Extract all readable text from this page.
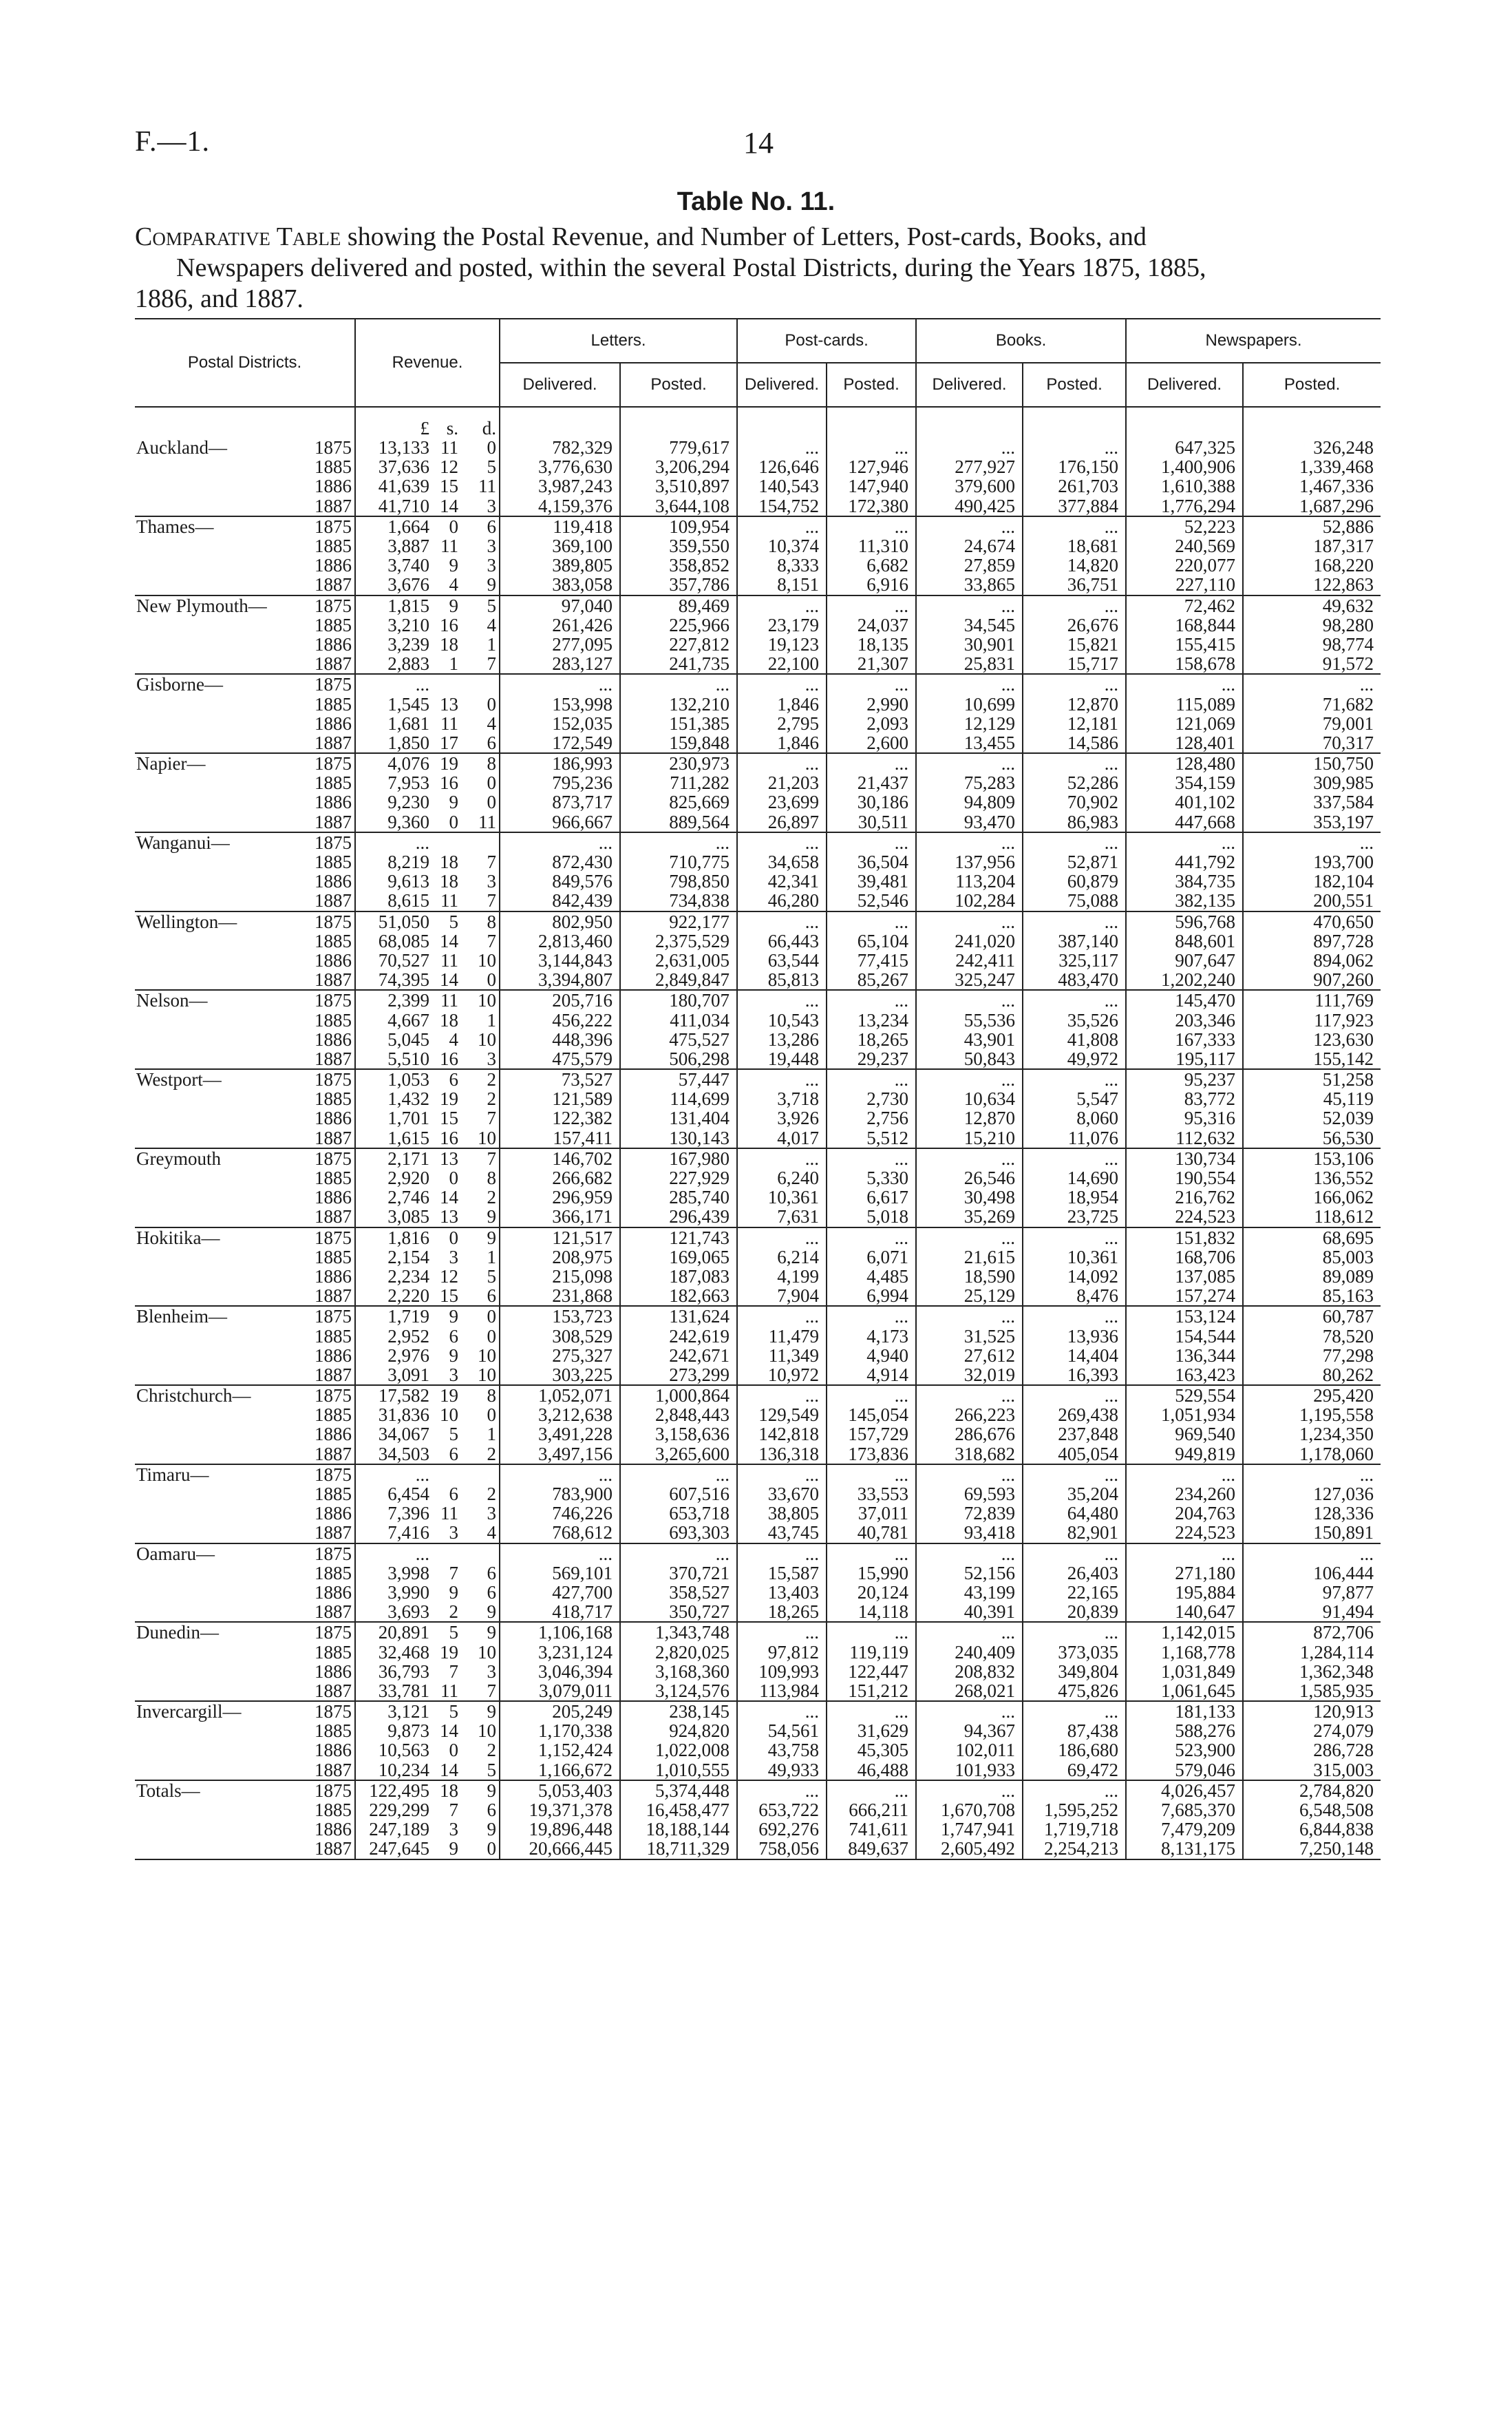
F.—1.	14
Table No. 11.
Comparative Table showing the Postal Revenue, and Number of Letters, Post-cards, Books, and
Newspapers delivered and posted, within the several Postal Districts, during the Years 1875, 1885,
1886, and 1887.
Postal Districts.		Revenue.			Letters.		Post-cards.		Books.		Newspapers.	
					Delivered.	Posted.	Delivered.	Posted.	Delivered.	Posted.	Delivered.	Posted.
		£	s.	d.								
Auckland—	1875	13,133	11	0	782,329	779,617	...	...	...	...	647,325	326,248
	1885	37,636	12	5	3,776,630	3,206,294	126,646	127,946	277,927	176,150	1,400,906	1,339,468
	1886	41,639	15	11	3,987,243	3,510,897	140,543	147,940	379,600	261,703	1,610,388	1,467,336
	1887	41,710	14	3	4,159,376	3,644,108	154,752	172,380	490,425	377,884	1,776,294	1,687,296
Thames—	1875	1,664	0	6	119,418	109,954	...	...	...	...	52,223	52,886
	1885	3,887	11	3	369,100	359,550	10,374	11,310	24,674	18,681	240,569	187,317
	1886	3,740	9	3	389,805	358,852	8,333	6,682	27,859	14,820	220,077	168,220
	1887	3,676	4	9	383,058	357,786	8,151	6,916	33,865	36,751	227,110	122,863
New Plymouth—	1875	1,815	9	5	97,040	89,469	...	...	...	...	72,462	49,632
	1885	3,210	16	4	261,426	225,966	23,179	24,037	34,545	26,676	168,844	98,280
	1886	3,239	18	1	277,095	227,812	19,123	18,135	30,901	15,821	155,415	98,774
	1887	2,883	1	7	283,127	241,735	22,100	21,307	25,831	15,717	158,678	91,572
Gisborne—	1875	...			...	...	...	...	...	...	...	...
	1885	1,545	13	0	153,998	132,210	1,846	2,990	10,699	12,870	115,089	71,682
	1886	1,681	11	4	152,035	151,385	2,795	2,093	12,129	12,181	121,069	79,001
	1887	1,850	17	6	172,549	159,848	1,846	2,600	13,455	14,586	128,401	70,317
Napier—	1875	4,076	19	8	186,993	230,973	...	...	...	...	128,480	150,750
	1885	7,953	16	0	795,236	711,282	21,203	21,437	75,283	52,286	354,159	309,985
	1886	9,230	9	0	873,717	825,669	23,699	30,186	94,809	70,902	401,102	337,584
	1887	9,360	0	11	966,667	889,564	26,897	30,511	93,470	86,983	447,668	353,197
Wanganui—	1875	...			...	...	...	...	...	...	...	...
	1885	8,219	18	7	872,430	710,775	34,658	36,504	137,956	52,871	441,792	193,700
	1886	9,613	18	3	849,576	798,850	42,341	39,481	113,204	60,879	384,735	182,104
	1887	8,615	11	7	842,439	734,838	46,280	52,546	102,284	75,088	382,135	200,551
Wellington—	1875	51,050	5	8	802,950	922,177	...	...	...	...	596,768	470,650
	1885	68,085	14	7	2,813,460	2,375,529	66,443	65,104	241,020	387,140	848,601	897,728
	1886	70,527	11	10	3,144,843	2,631,005	63,544	77,415	242,411	325,117	907,647	894,062
	1887	74,395	14	0	3,394,807	2,849,847	85,813	85,267	325,247	483,470	1,202,240	907,260
Nelson—	1875	2,399	11	10	205,716	180,707	...	...	...	...	145,470	111,769
	1885	4,667	18	1	456,222	411,034	10,543	13,234	55,536	35,526	203,346	117,923
	1886	5,045	4	10	448,396	475,527	13,286	18,265	43,901	41,808	167,333	123,630
	1887	5,510	16	3	475,579	506,298	19,448	29,237	50,843	49,972	195,117	155,142
Westport—	1875	1,053	6	2	73,527	57,447	...	...	...	...	95,237	51,258
	1885	1,432	19	2	121,589	114,699	3,718	2,730	10,634	5,547	83,772	45,119
	1886	1,701	15	7	122,382	131,404	3,926	2,756	12,870	8,060	95,316	52,039
	1887	1,615	16	10	157,411	130,143	4,017	5,512	15,210	11,076	112,632	56,530
Greymouth	1875	2,171	13	7	146,702	167,980	...	...	...	...	130,734	153,106
	1885	2,920	0	8	266,682	227,929	6,240	5,330	26,546	14,690	190,554	136,552
	1886	2,746	14	2	296,959	285,740	10,361	6,617	30,498	18,954	216,762	166,062
	1887	3,085	13	9	366,171	296,439	7,631	5,018	35,269	23,725	224,523	118,612
Hokitika—	1875	1,816	0	9	121,517	121,743	...	...	...	...	151,832	68,695
	1885	2,154	3	1	208,975	169,065	6,214	6,071	21,615	10,361	168,706	85,003
	1886	2,234	12	5	215,098	187,083	4,199	4,485	18,590	14,092	137,085	89,089
	1887	2,220	15	6	231,868	182,663	7,904	6,994	25,129	8,476	157,274	85,163
Blenheim—	1875	1,719	9	0	153,723	131,624	...	...	...	...	153,124	60,787
	1885	2,952	6	0	308,529	242,619	11,479	4,173	31,525	13,936	154,544	78,520
	1886	2,976	9	10	275,327	242,671	11,349	4,940	27,612	14,404	136,344	77,298
	1887	3,091	3	10	303,225	273,299	10,972	4,914	32,019	16,393	163,423	80,262
Christchurch—	1875	17,582	19	8	1,052,071	1,000,864	...	...	...	...	529,554	295,420
	1885	31,836	10	0	3,212,638	2,848,443	129,549	145,054	266,223	269,438	1,051,934	1,195,558
	1886	34,067	5	1	3,491,228	3,158,636	142,818	157,729	286,676	237,848	969,540	1,234,350
	1887	34,503	6	2	3,497,156	3,265,600	136,318	173,836	318,682	405,054	949,819	1,178,060
Timaru—	1875	...			...	...	...	...	...	...	...	...
	1885	6,454	6	2	783,900	607,516	33,670	33,553	69,593	35,204	234,260	127,036
	1886	7,396	11	3	746,226	653,718	38,805	37,011	72,839	64,480	204,763	128,336
	1887	7,416	3	4	768,612	693,303	43,745	40,781	93,418	82,901	224,523	150,891
Oamaru—	1875	...			...	...	...	...	...	...	...	...
	1885	3,998	7	6	569,101	370,721	15,587	15,990	52,156	26,403	271,180	106,444
	1886	3,990	9	6	427,700	358,527	13,403	20,124	43,199	22,165	195,884	97,877
	1887	3,693	2	9	418,717	350,727	18,265	14,118	40,391	20,839	140,647	91,494
Dunedin—	1875	20,891	5	9	1,106,168	1,343,748	...	...	...	...	1,142,015	872,706
	1885	32,468	19	10	3,231,124	2,820,025	97,812	119,119	240,409	373,035	1,168,778	1,284,114
	1886	36,793	7	3	3,046,394	3,168,360	109,993	122,447	208,832	349,804	1,031,849	1,362,348
	1887	33,781	11	7	3,079,011	3,124,576	113,984	151,212	268,021	475,826	1,061,645	1,585,935
Invercargill—	1875	3,121	5	9	205,249	238,145	...	...	...	...	181,133	120,913
	1885	9,873	14	10	1,170,338	924,820	54,561	31,629	94,367	87,438	588,276	274,079
	1886	10,563	0	2	1,152,424	1,022,008	43,758	45,305	102,011	186,680	523,900	286,728
	1887	10,234	14	5	1,166,672	1,010,555	49,933	46,488	101,933	69,472	579,046	315,003
Totals—	1875	122,495	18	9	5,053,403	5,374,448	...	...	...	...	4,026,457	2,784,820
	1885	229,299	7	6	19,371,378	16,458,477	653,722	666,211	1,670,708	1,595,252	7,685,370	6,548,508
	1886	247,189	3	9	19,896,448	18,188,144	692,276	741,611	1,747,941	1,719,718	7,479,209	6,844,838
	1887	247,645	9	0	20,666,445	18,711,329	758,056	849,637	2,605,492	2,254,213	8,131,175	7,250,148
